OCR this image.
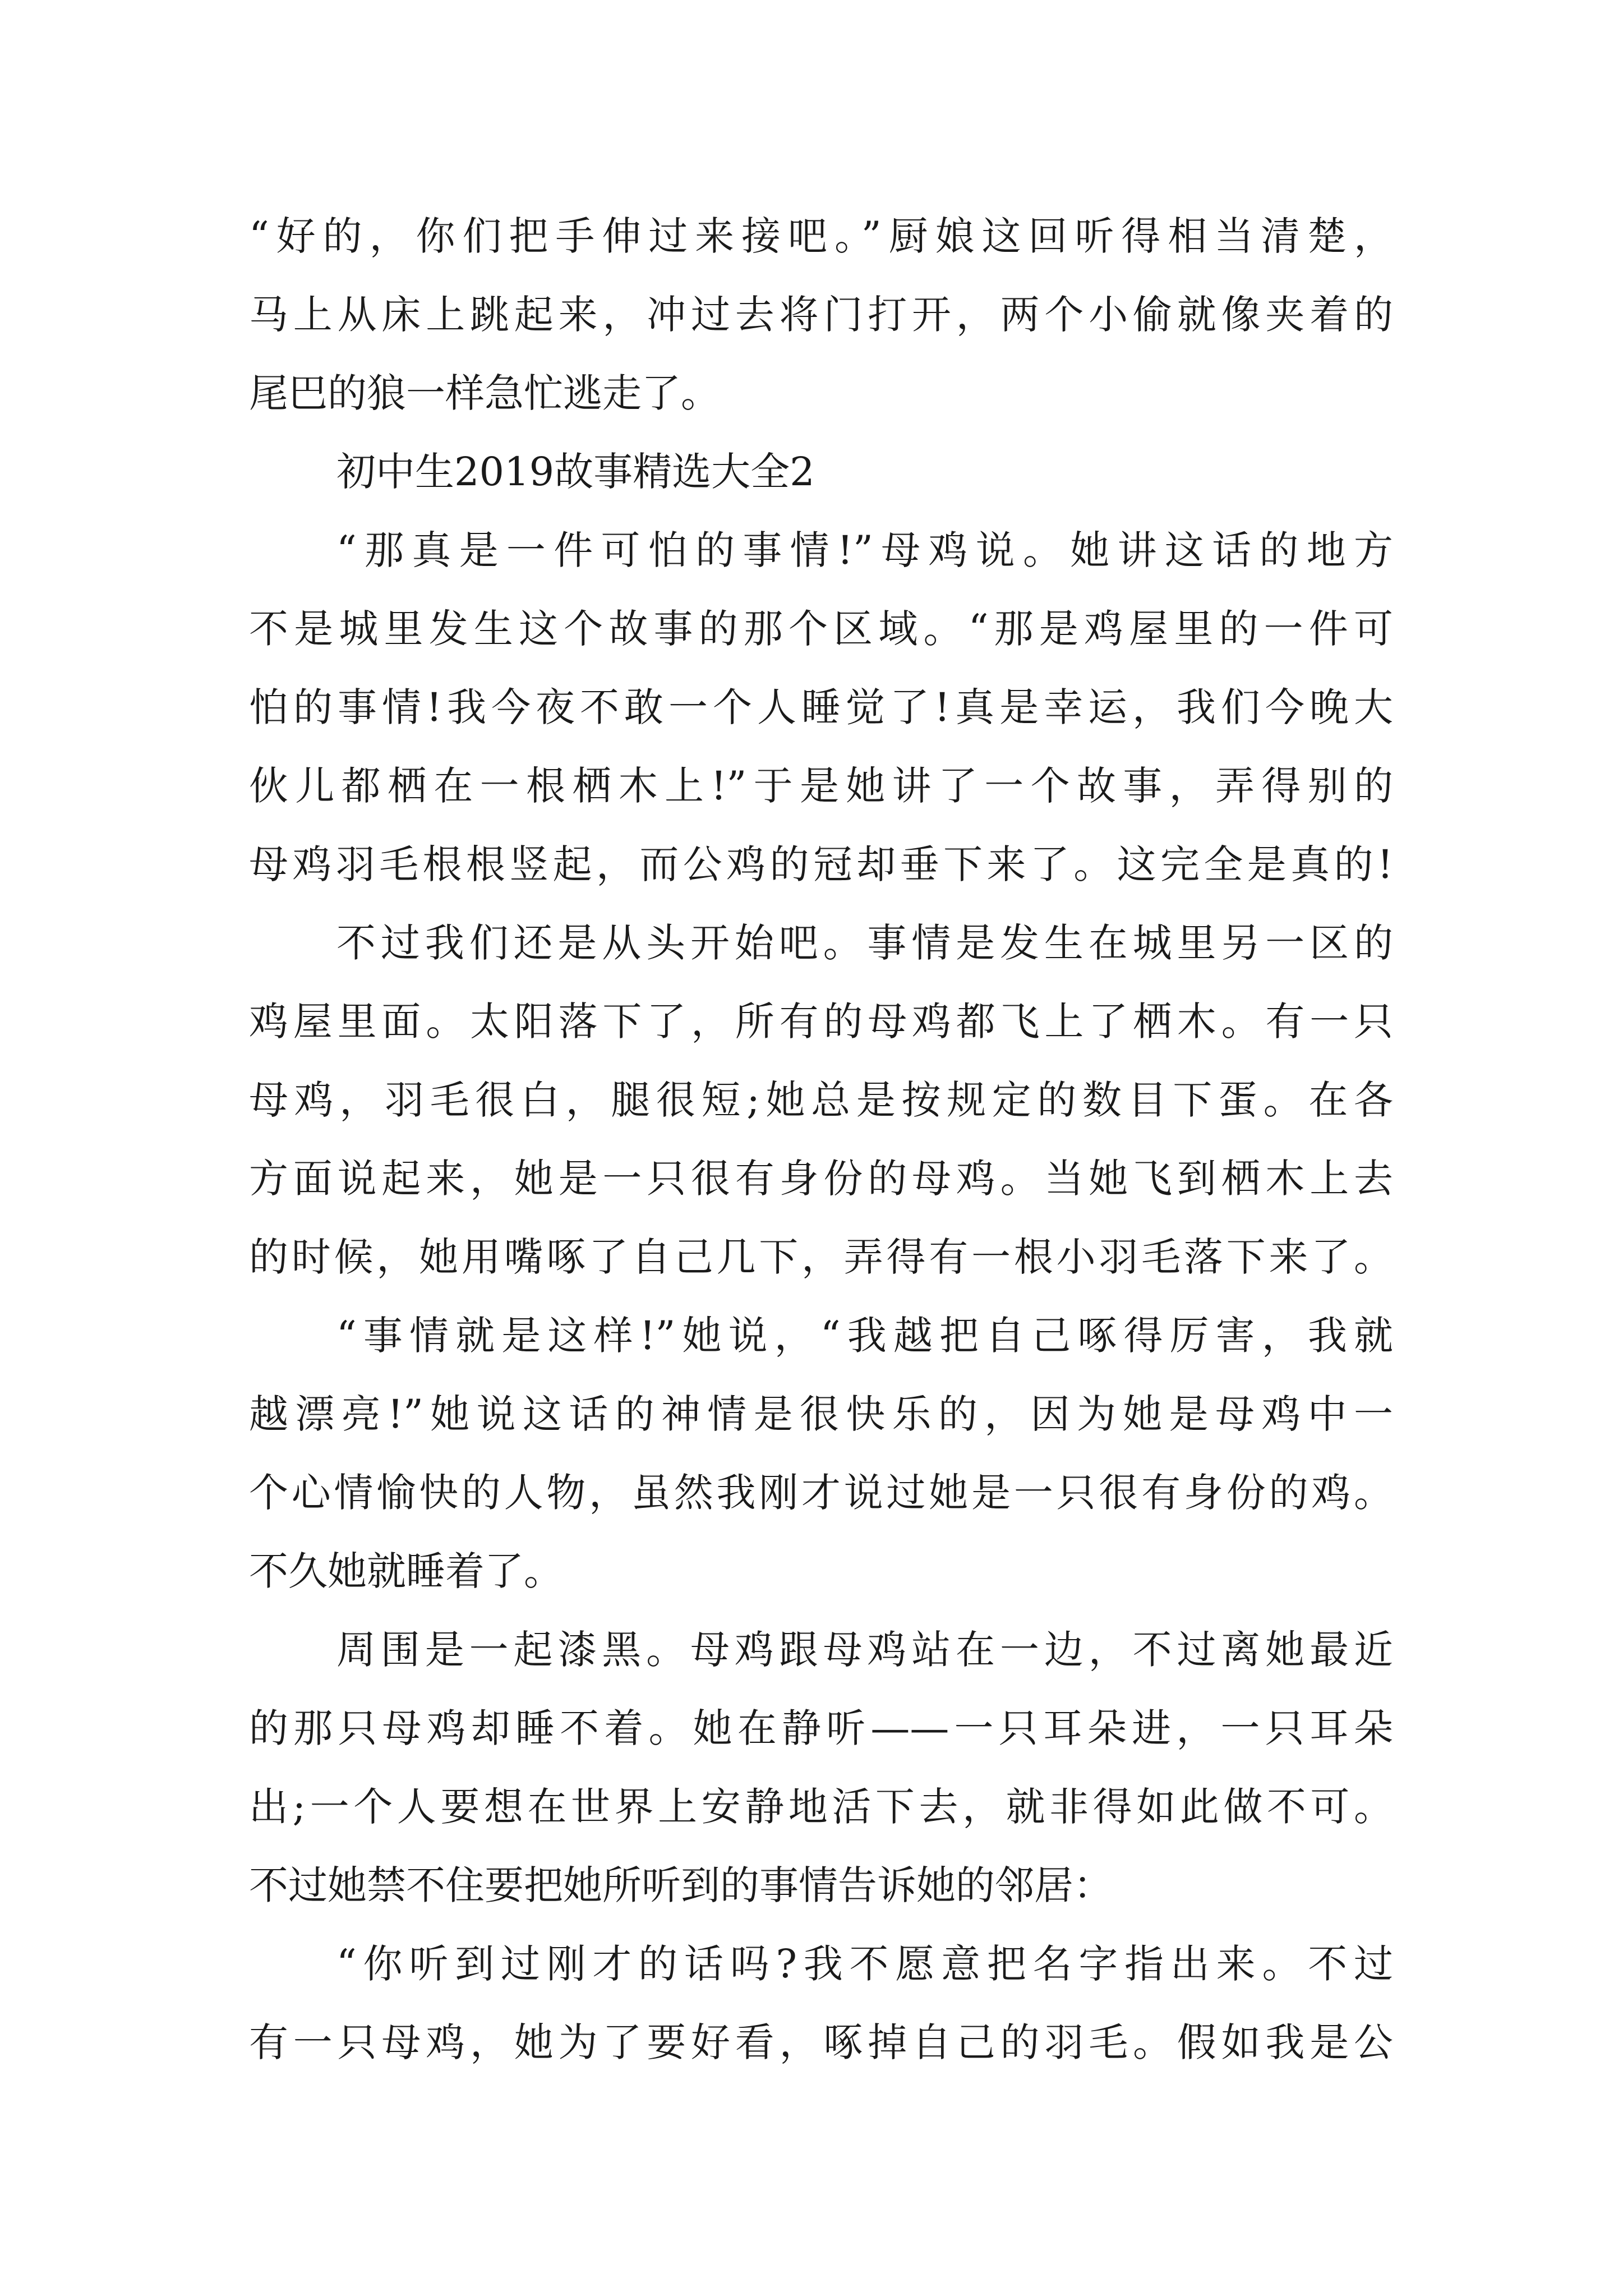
“好的，你们把手伸过来接吧。”厨娘这回听得相当清楚，
马上从床上跳起来，冲过去将门打开，两个小偷就像夹着的
尾巴的狼一样急忙逃走了。
初中生2019故事精选大全2
“那真是一件可怕的事情!”母鸡说。她讲这话的地方
不是城里发生这个故事的那个区域。“那是鸡屋里的一件可
怕的事情!我今夜不敢一个人睡觉了!真是幸运，我们今晚大
伙儿都栖在一根栖木上!”于是她讲了一个故事，弄得别的
母鸡羽毛根根竖起，而公鸡的冠却垂下来了。这完全是真的!
不过我们还是从头开始吧。事情是发生在城里另一区的
鸡屋里面。太阳落下了，所有的母鸡都飞上了栖木。有一只
母鸡，羽毛很白，腿很短;她总是按规定的数目下蛋。在各
方面说起来，她是一只很有身份的母鸡。当她飞到栖木上去
的时候，她用嘴啄了自己几下，弄得有一根小羽毛落下来了。
“事情就是这样!”她说，“我越把自己啄得厉害，我就
越漂亮!”她说这话的神情是很快乐的，因为她是母鸡中一
个心情愉快的人物，虽然我刚才说过她是一只很有身份的鸡。
不久她就睡着了。
周围是一起漆黑。母鸡跟母鸡站在一边，不过离她最近
的那只母鸡却睡不着。她在静听——一只耳朵进，一只耳朵
出;一个人要想在世界上安静地活下去，就非得如此做不可。
不过她禁不住要把她所听到的事情告诉她的邻居：
“你听到过刚才的话吗?我不愿意把名字指出来。不过
有一只母鸡，她为了要好看，啄掉自己的羽毛。假如我是公
